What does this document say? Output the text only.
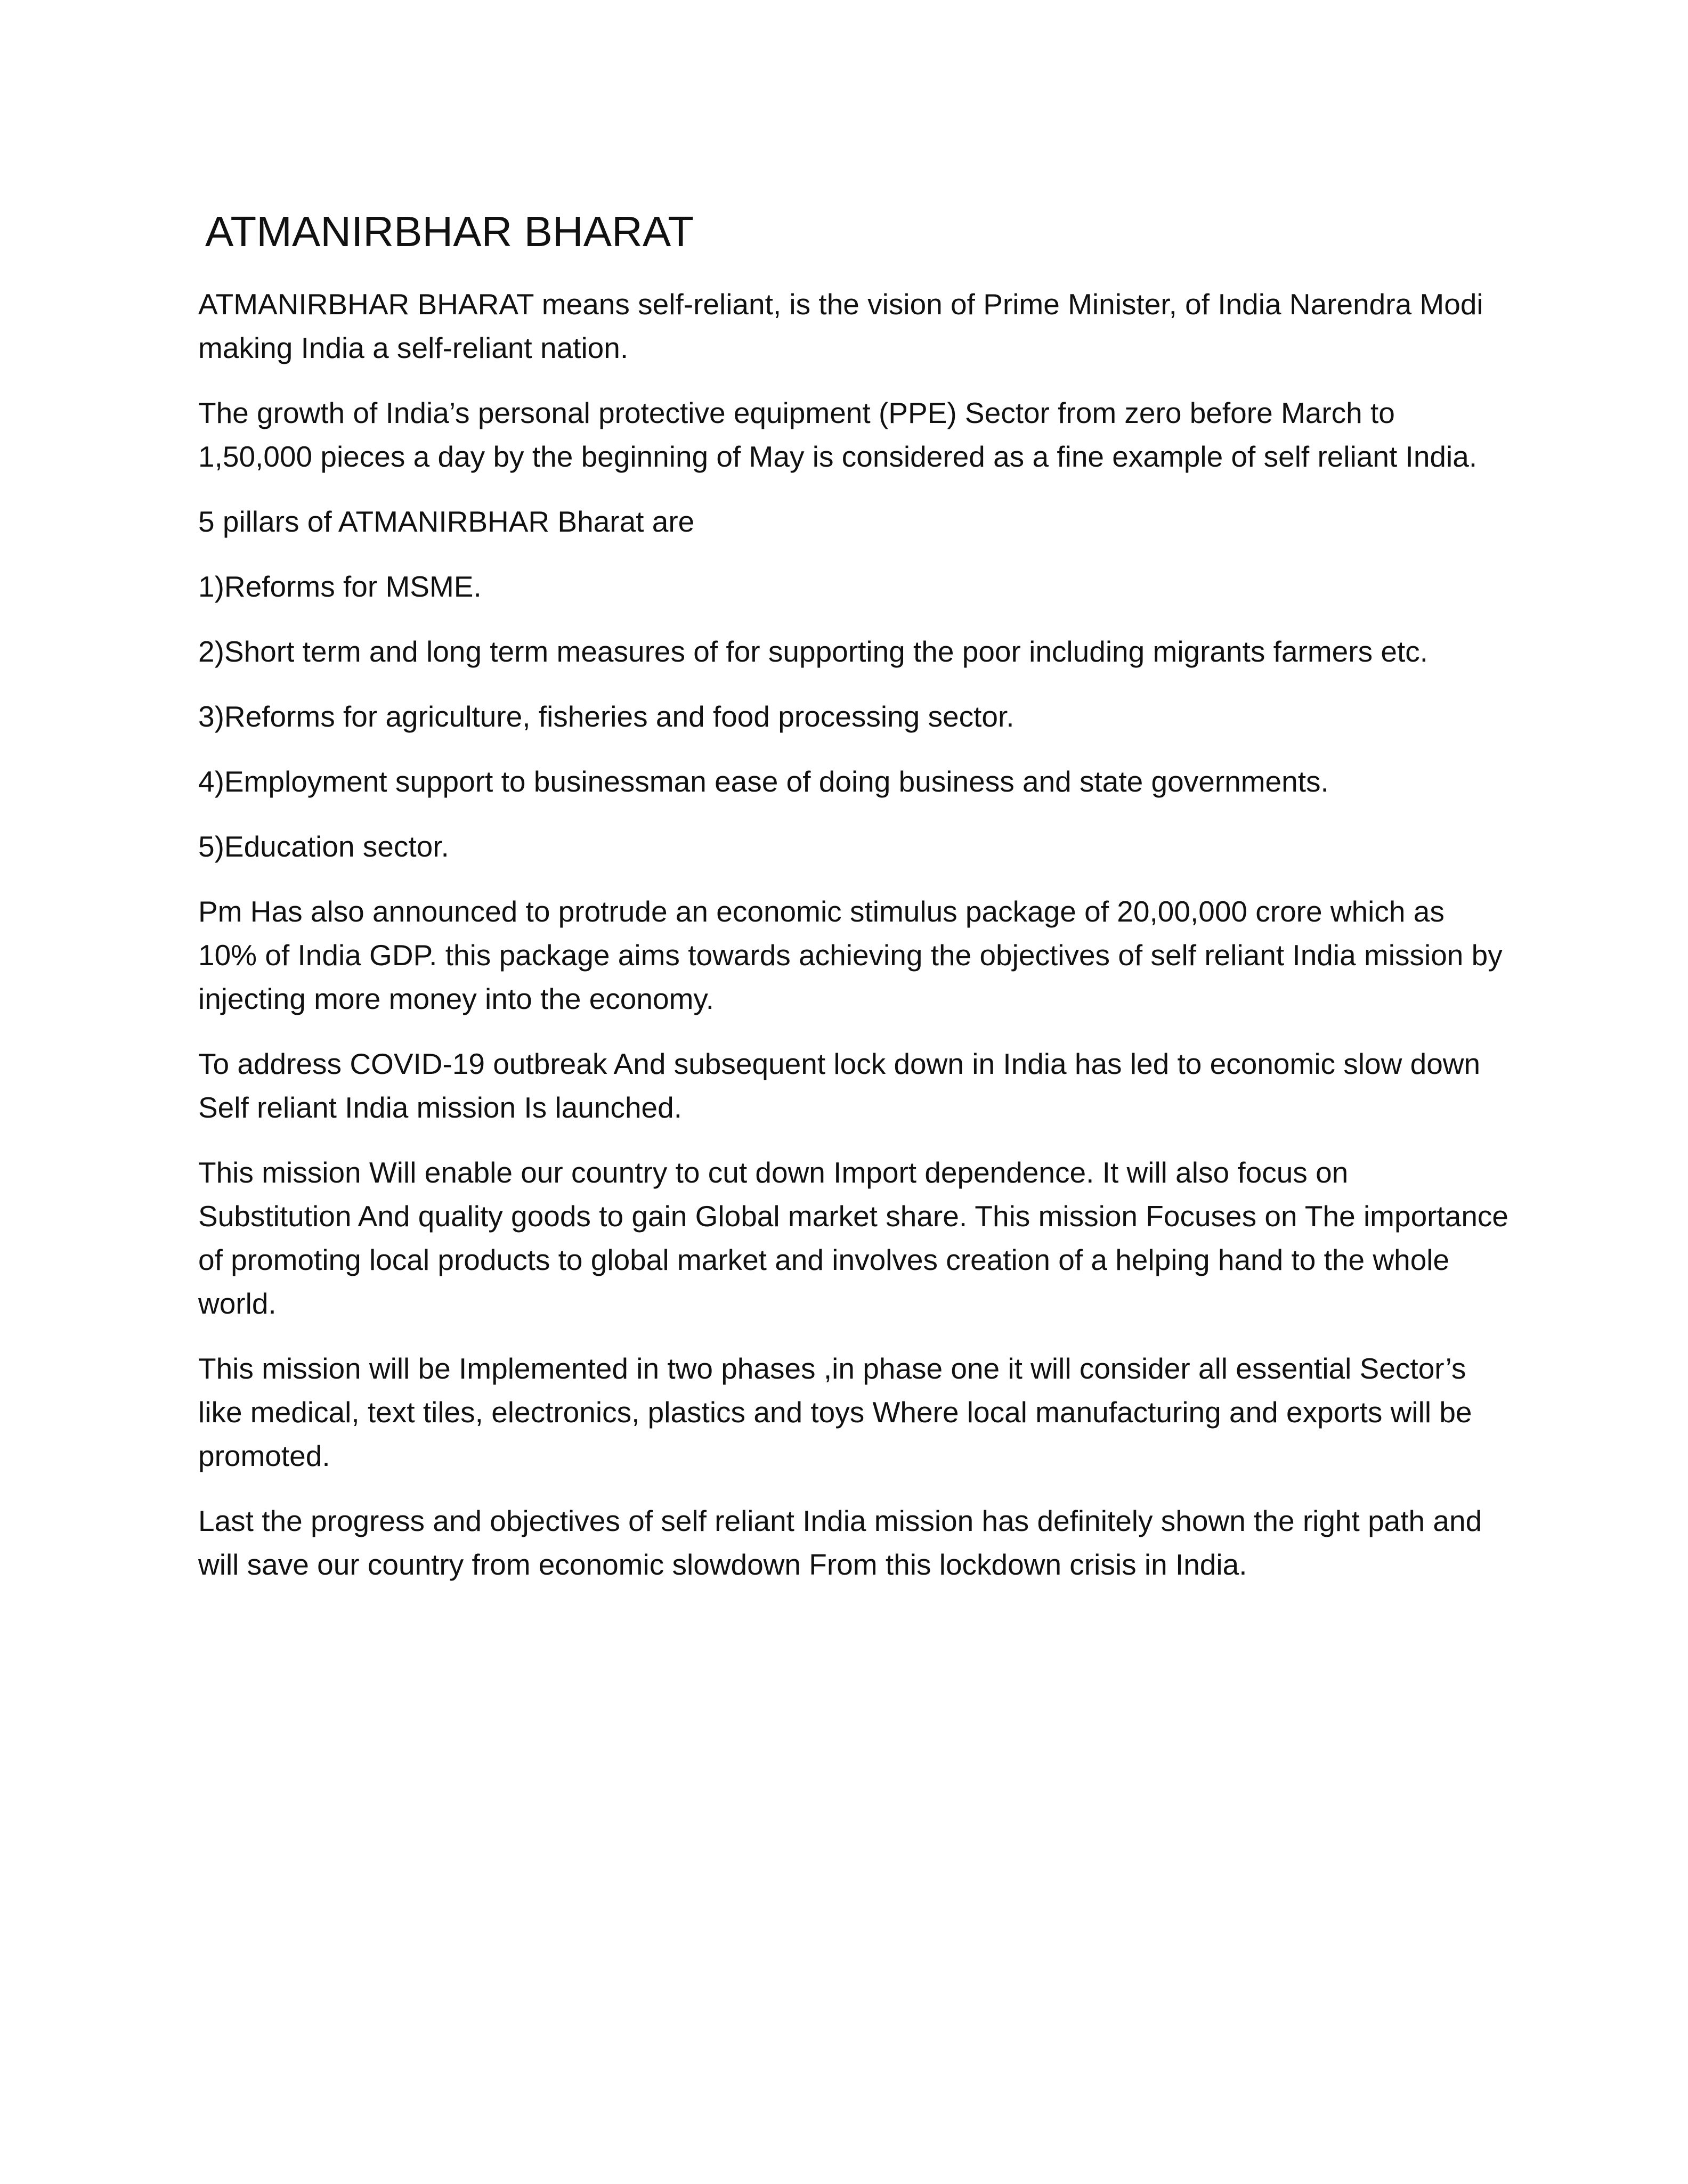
ATMANIRBHAR BHARAT

ATMANIRBHAR BHARAT means self-reliant, is the vision of Prime Minister, of India Narendra Modi making India a self-reliant nation.

The growth of India’s personal protective equipment (PPE) Sector from zero before March to 1,50,000 pieces a day by the beginning of May is considered as a fine example of self reliant India.

5 pillars of ATMANIRBHAR Bharat are

1)Reforms for MSME.

2)Short term and long term measures of for supporting the poor including migrants farmers etc.

3)Reforms for agriculture, fisheries and food processing sector.

4)Employment support to businessman ease of doing business and state governments.

5)Education sector.

Pm Has also announced to protrude an economic stimulus package of 20,00,000 crore which as 10% of India GDP. this package aims towards achieving the objectives of self reliant India mission by injecting more money into the economy.

To address COVID-19 outbreak And subsequent lock down in India has led to economic slow down Self reliant India mission Is launched.

This mission Will enable our country to cut down Import dependence. It will also focus on Substitution And quality goods to gain Global market share. This mission Focuses on The importance of promoting local products to global market and involves creation of a helping hand to the whole world.

This mission will be Implemented in two phases ,in phase one it will consider all essential Sector’s like medical, text tiles, electronics, plastics and toys Where local manufacturing and exports will be promoted.

Last the progress and objectives of self reliant India mission has definitely shown the right path and will save our country from economic slowdown From this lockdown crisis in India.
